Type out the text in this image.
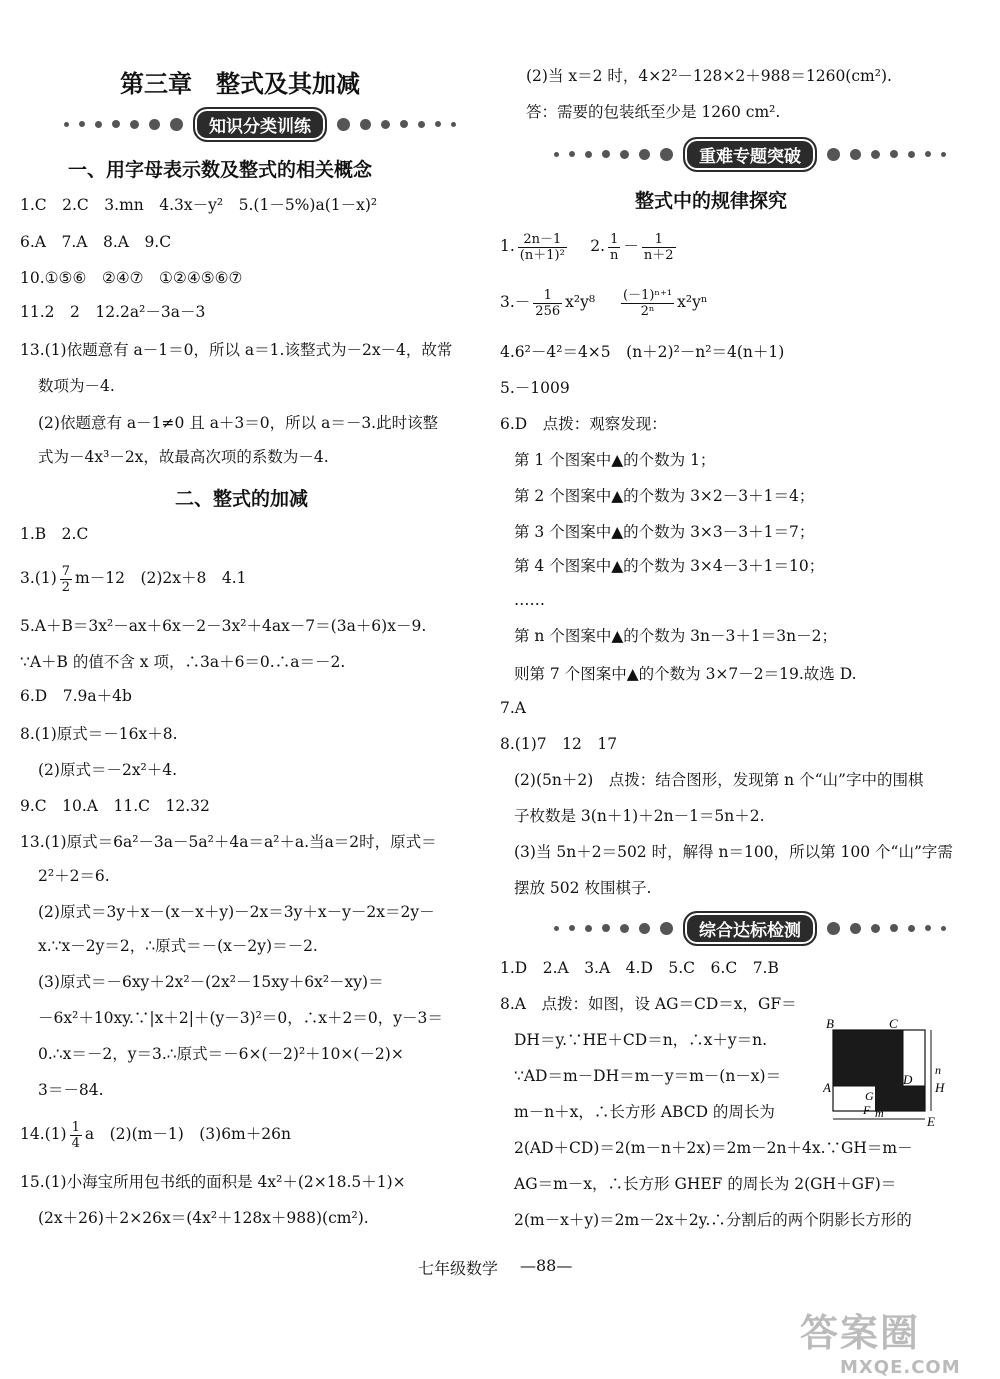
第三章　整式及其加减
知识分类训练
一、用字母表示数及整式的相关概念
1.C　2.C　3.mn　4.3x－y²　5.(1－5%)a(1－x)²
6.A　7.A　8.A　9.C
10.①⑤⑥　②④⑦　①②④⑤⑥⑦
11.2　2　12.2a²－3a－3
13.(1)依题意有 a－1＝0，所以 a＝1.该整式为－2x－4，故常
数项为－4.
(2)依题意有 a－1≠0 且 a＋3＝0，所以 a＝－3.此时该整
式为－4x³－2x，故最高次项的系数为－4.
二、整式的加减
1.B　2.C
$3.(1) \frac{7}{2} m-12$　(2)2x＋8　4.1
5.A＋B＝3x²－ax＋6x－2－3x²＋4ax－7＝(3a＋6)x－9.
∵A＋B 的值不含 x 项，∴3a＋6＝0.∴a＝－2.
6.D　7.9a＋4b
8.(1)原式＝－16x＋8.
(2)原式＝－2x²＋4.
9.C　10.A　11.C　12.32
13.(1)原式＝6a²－3a－5a²＋4a＝a²＋a.当a＝2时，原式＝
2²＋2＝6.
(2)原式＝3y＋x－(x－x＋y)－2x＝3y＋x－y－2x＝2y－
x.∵x－2y＝2，∴原式＝－(x－2y)＝－2.
(3)原式＝－6xy＋2x²－(2x²－15xy＋6x²－xy)＝
－6x²＋10xy.∵|x＋2|＋(y－3)²＝0，∴x＋2＝0，y－3＝
0.∴x＝－2，y＝3.∴原式＝－6×(－2)²＋10×(－2)×
3＝－84.
$14.(1) \frac{1}{4}$ a　(2)(m－1)　(3)6m＋26n
15.(1)小海宝所用包书纸的面积是 4x²＋(2×18.5＋1)×
(2x＋26)＋2×26x＝(4x²＋128x＋988)(cm²).
(2)当 x＝2 时，4×2²－128×2＋988＝1260(cm²).
答：需要的包装纸至少是 1260 cm².
重难专题突破
整式中的规律探究
1. $\frac{2n-1}{\text{(n＋1)²}}$ 　2. $\frac{1}{n} - \frac{1}{n+2}$
$3.- \frac{1}{256} x^2y^8 \frac{\text{(－1)ⁿ⁺¹}}{\text{2ⁿ}} x^2y^n$
4.6²－4²＝4×5　(n＋2)²－n²＝4(n＋1)
5.－1009
6.D　点拨：观察发现：
第 1 个图案中▲的个数为 1；
第 2 个图案中▲的个数为 3×2－3＋1＝4；
第 3 个图案中▲的个数为 3×3－3＋1＝7；
第 4 个图案中▲的个数为 3×4－3＋1＝10；
……
第 n 个图案中▲的个数为 3n－3＋1＝3n－2；
则第 7 个图案中▲的个数为 3×7－2＝19.故选 D.
7.A
8.(1)7　12　17
(2)(5n＋2)　点拨：结合图形，发现第 n 个“山”字中的围棋
子枚数是 3(n＋1)＋2n－1＝5n＋2.
(3)当 5n＋2＝502 时，解得 n＝100，所以第 100 个“山”字需
摆放 502 枚围棋子.
综合达标检测
1.D　2.A　3.A　4.D　5.C　6.C　7.B
8.A　点拨：如图，设 AG＝CD＝x，GF＝
DH＝y.∵HE＋CD＝n，∴x＋y＝n.
∵AD＝m－DH＝m－y＝m－(n－x)＝
m－n＋x，∴长方形 ABCD 的周长为
2(AD＋CD)＝2(m－n＋2x)＝2m－2n＋4x.∵GH＝m－
AG＝m－x，∴长方形 GHEF 的周长为 2(GH＋GF)＝
2(m－x＋y)＝2m－2x＋2y.∴分割后的两个阴影长方形的
B	C
A
D
G
F
H
E
n
m
七年级数学 —88—
答案圈
MXQE.COM
